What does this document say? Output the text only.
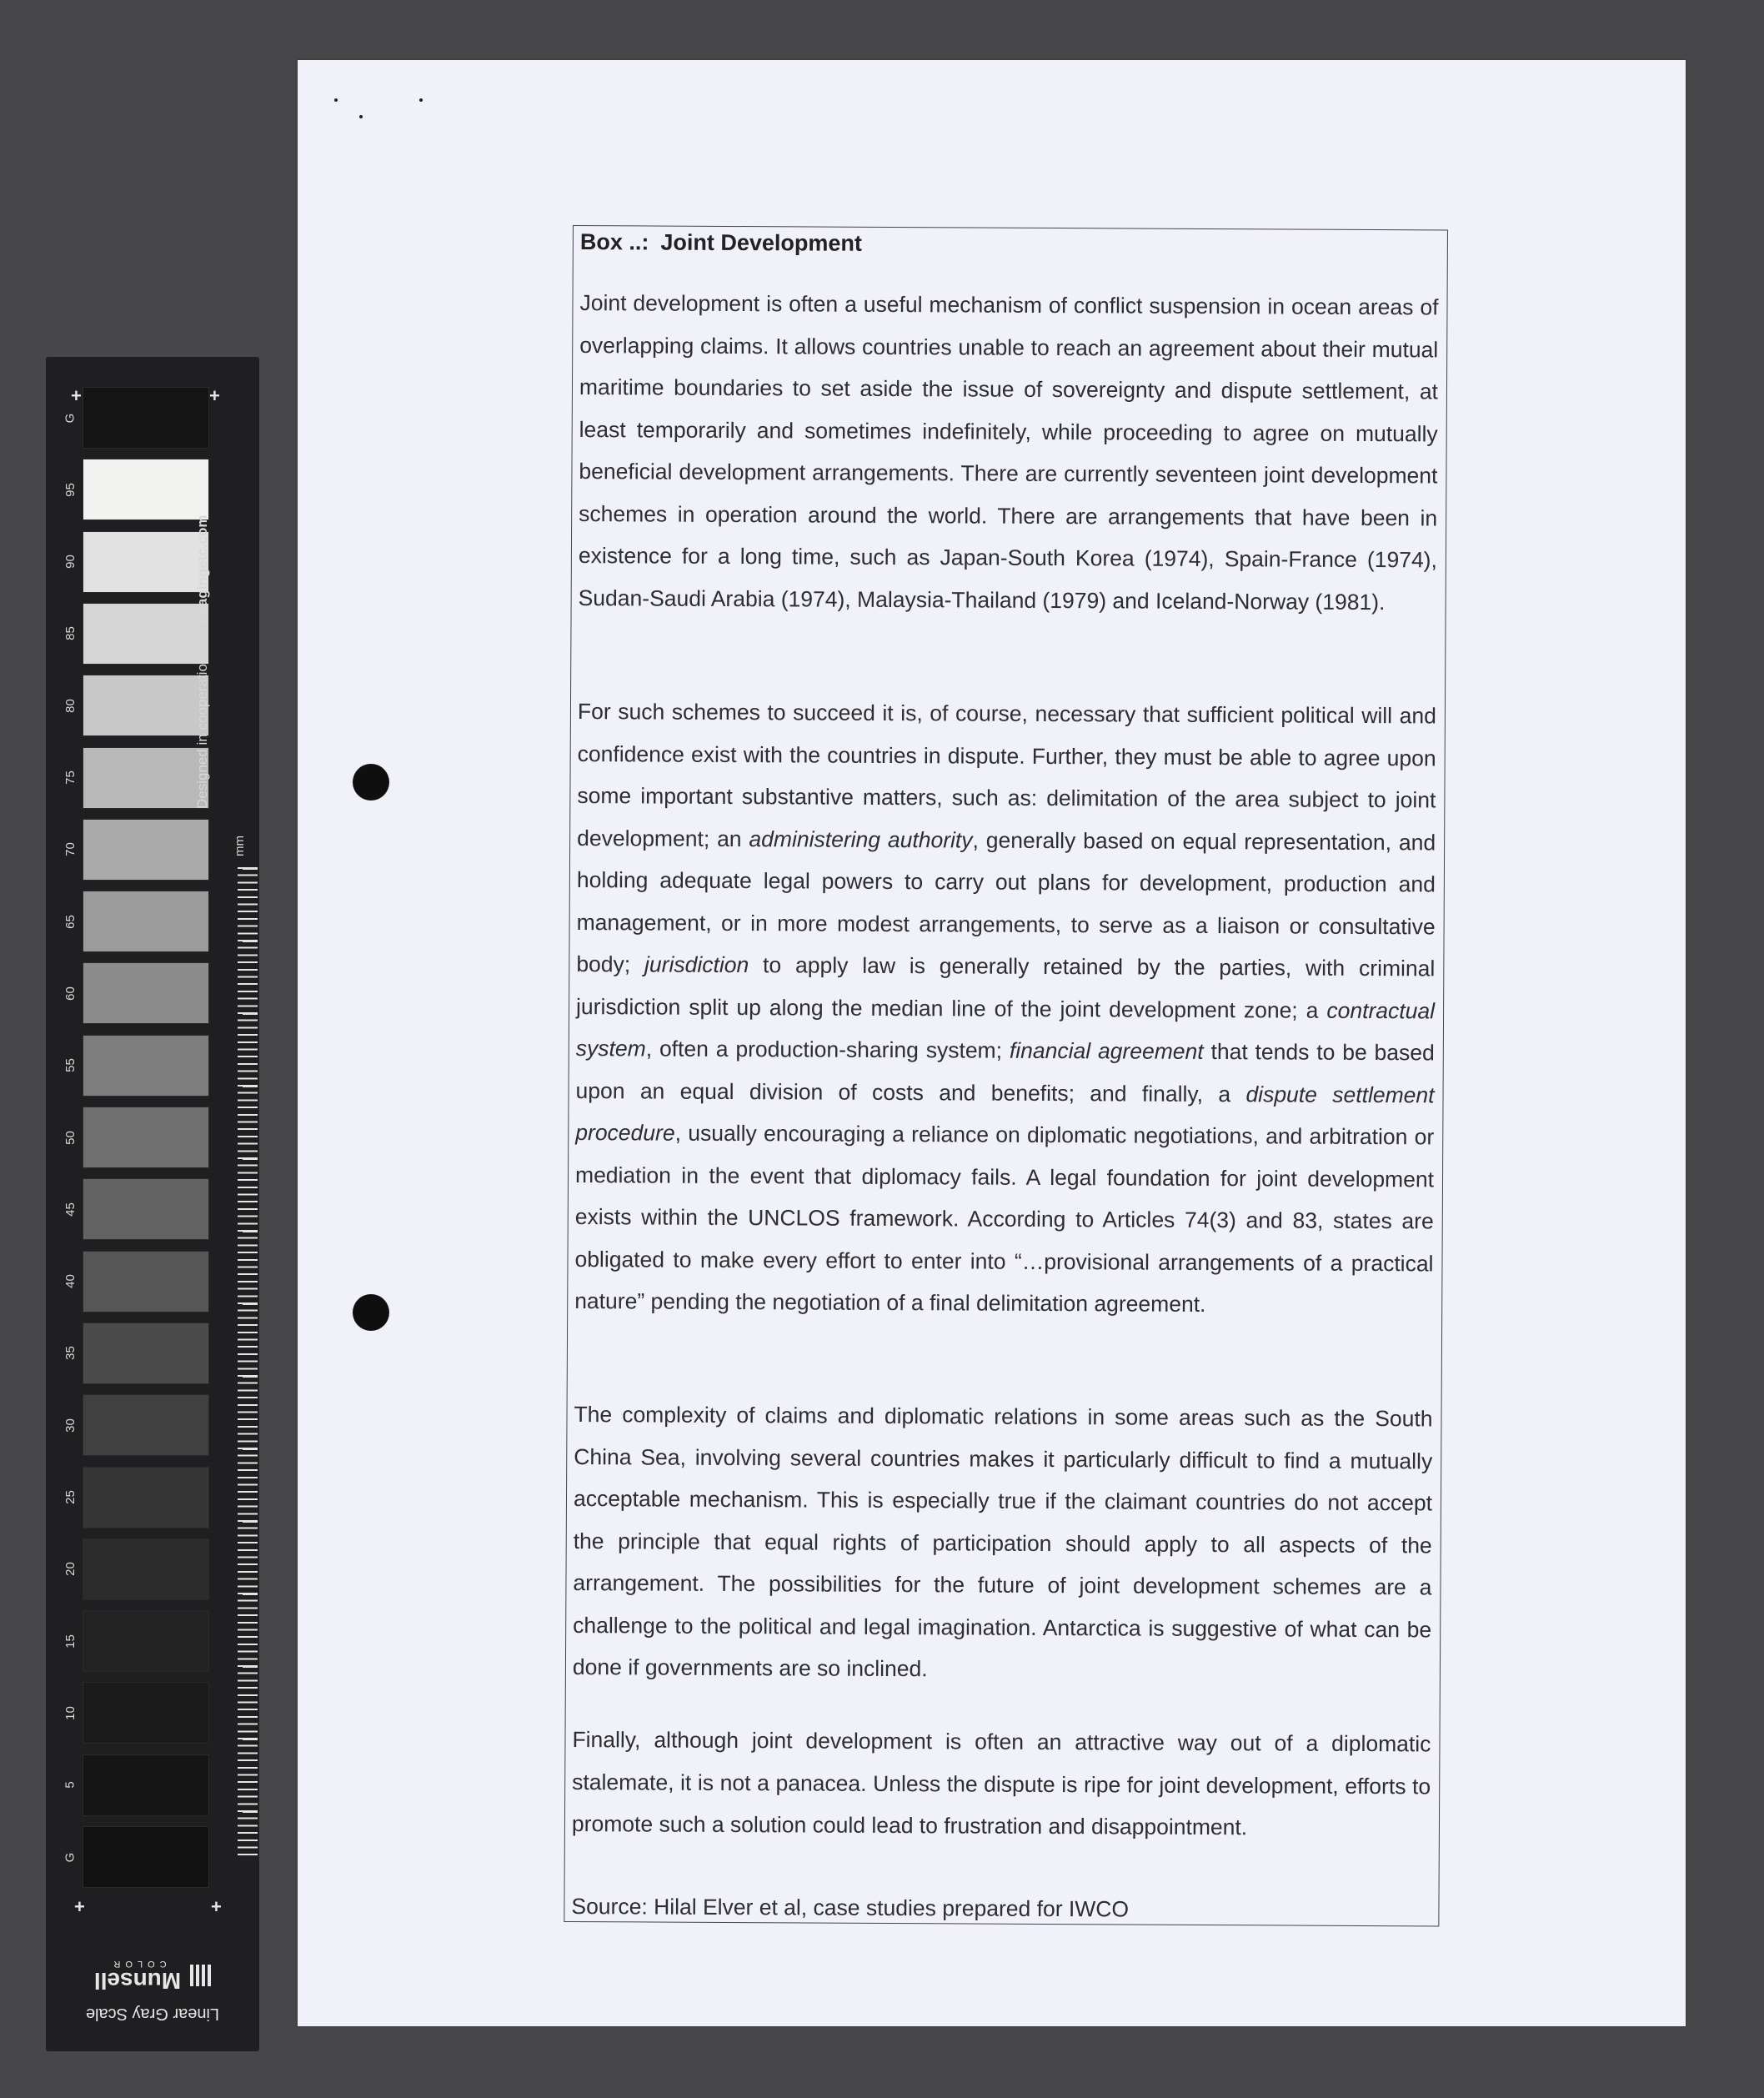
G
95
90
85
80
75
70
65
60
55
50
45
40
35
30
25
20
15
10
5
G
+	+
+	+
mm
Designed in cooperation with imagingetc.com
Linear Gray Scale
Munsell
COLOR
Box ..: Joint Development

Joint development is often a useful mechanism of conflict suspension in ocean areas of overlapping claims. It allows countries unable to reach an agreement about their mutual maritime boundaries to set aside the issue of sovereignty and dispute settlement, at least temporarily and sometimes indefinitely, while proceeding to agree on mutually beneficial development arrangements. There are currently seventeen joint development schemes in operation around the world. There are arrangements that have been in existence for a long time, such as Japan-South Korea (1974), Spain-France (1974), Sudan-Saudi Arabia (1974), Malaysia-Thailand (1979) and Iceland-Norway (1981).

For such schemes to succeed it is, of course, necessary that sufficient political will and confidence exist with the countries in dispute. Further, they must be able to agree upon some important substantive matters, such as: delimitation of the area subject to joint development; an administering authority, generally based on equal representation, and holding adequate legal powers to carry out plans for development, production and management, or in more modest arrangements, to serve as a liaison or consultative body; jurisdiction to apply law is generally retained by the parties, with criminal jurisdiction split up along the median line of the joint development zone; a contractual system, often a production-sharing system; financial agreement that tends to be based upon an equal division of costs and benefits; and finally, a dispute settlement procedure, usually encouraging a reliance on diplomatic negotiations, and arbitration or mediation in the event that diplomacy fails. A legal foundation for joint development exists within the UNCLOS framework. According to Articles 74(3) and 83, states are obligated to make every effort to enter into “…provisional arrangements of a practical nature” pending the negotiation of a final delimitation agreement.

The complexity of claims and diplomatic relations in some areas such as the South China Sea, involving several countries makes it particularly difficult to find a mutually acceptable mechanism. This is especially true if the claimant countries do not accept the principle that equal rights of participation should apply to all aspects of the arrangement. The possibilities for the future of joint development schemes are a challenge to the political and legal imagination. Antarctica is suggestive of what can be done if governments are so inclined.

Finally, although joint development is often an attractive way out of a diplomatic stalemate, it is not a panacea. Unless the dispute is ripe for joint development, efforts to promote such a solution could lead to frustration and disappointment.

Source: Hilal Elver et al, case studies prepared for IWCO
